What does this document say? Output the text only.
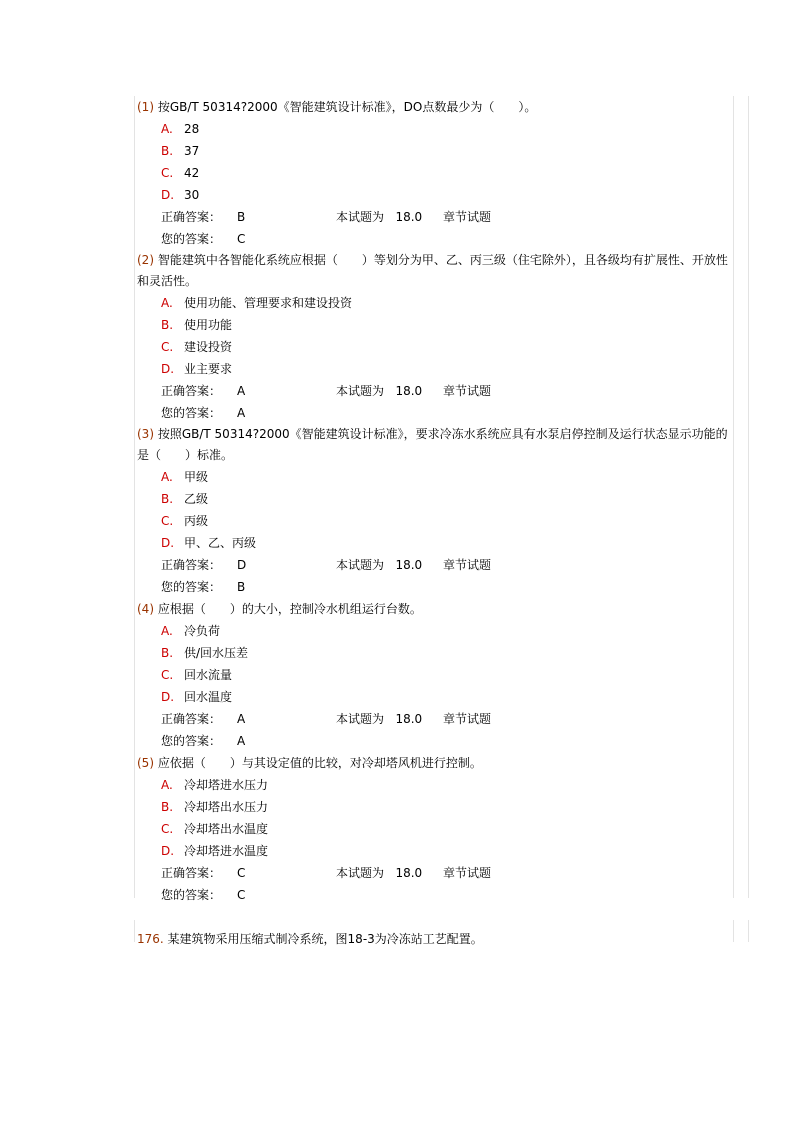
(1) 按GB/T 50314?2000《智能建筑设计标准》，DO点数最少为（　　）。
A. 28
B. 37
C. 42
D. 30
正确答案： B	本试题为 18.0 章节试题
您的答案： C
(2) 智能建筑中各智能化系统应根据（　　）等划分为甲、乙、丙三级（住宅除外），且各级均有扩展性、开放性和灵活性。
A. 使用功能、管理要求和建设投资
B. 使用功能
C. 建设投资
D. 业主要求
正确答案： A	本试题为 18.0 章节试题
您的答案： A
(3) 按照GB/T 50314?2000《智能建筑设计标准》，要求冷冻水系统应具有水泵启停控制及运行状态显示功能的是（　　）标准。
A. 甲级
B. 乙级
C. 丙级
D. 甲、乙、丙级
正确答案： D	本试题为 18.0 章节试题
您的答案： B
(4) 应根据（　　）的大小，控制冷水机组运行台数。
A. 冷负荷
B. 供/回水压差
C. 回水流量
D. 回水温度
正确答案： A	本试题为 18.0 章节试题
您的答案： A
(5) 应依据（　　）与其设定值的比较，对冷却塔风机进行控制。
A. 冷却塔进水压力
B. 冷却塔出水压力
C. 冷却塔出水温度
D. 冷却塔进水温度
正确答案： C	本试题为 18.0 章节试题
您的答案： C
176. 某建筑物采用压缩式制冷系统，图18-3为冷冻站工艺配置。
